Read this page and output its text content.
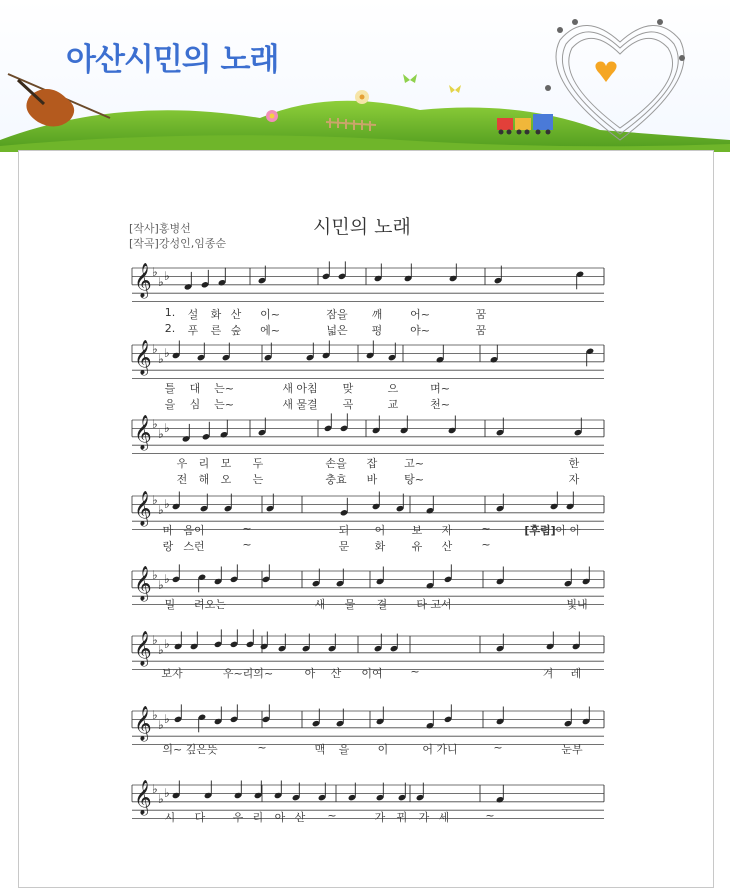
아산시민의 노래
[작사]홍병선
[작곡]강성인,임종순
시민의 노래
𝄞 ♭
♭ ♭
𝄞 ♭
♭ ♭
𝄞 ♭
♭ ♭
𝄞 ♭
♭ ♭
𝄞 ♭
♭ ♭
𝄞 ♭
♭ ♭
𝄞 ♭
♭ ♭
𝄞 ♭
♭ ♭
1. 설 화 산 이~	잠을 깨	어~	꿈
2. 푸 른 숲 에~	넓은 평	야~	꿈
틀 대 는~	새 아침 맞	으	며~
을 심 는~	새 물결 곡	교	천~
우 리 모 두	손을 잡 고~	한
전 해 오 는	충효 바 탕~	자
마 음이	~	되 어 보 자	~	[후렴] 아 아
랑 스런	~	문 화 유 산	~
밀 려오는	새 물 결	타 고서	빛내
보자	우~리의~	아 산 이여	~	겨 레
의~ 깊은뜻	~	맥 을	이	어 가니	~	눈부
시 다 우 리 아 산 ~	가 꿔 가 세	~
